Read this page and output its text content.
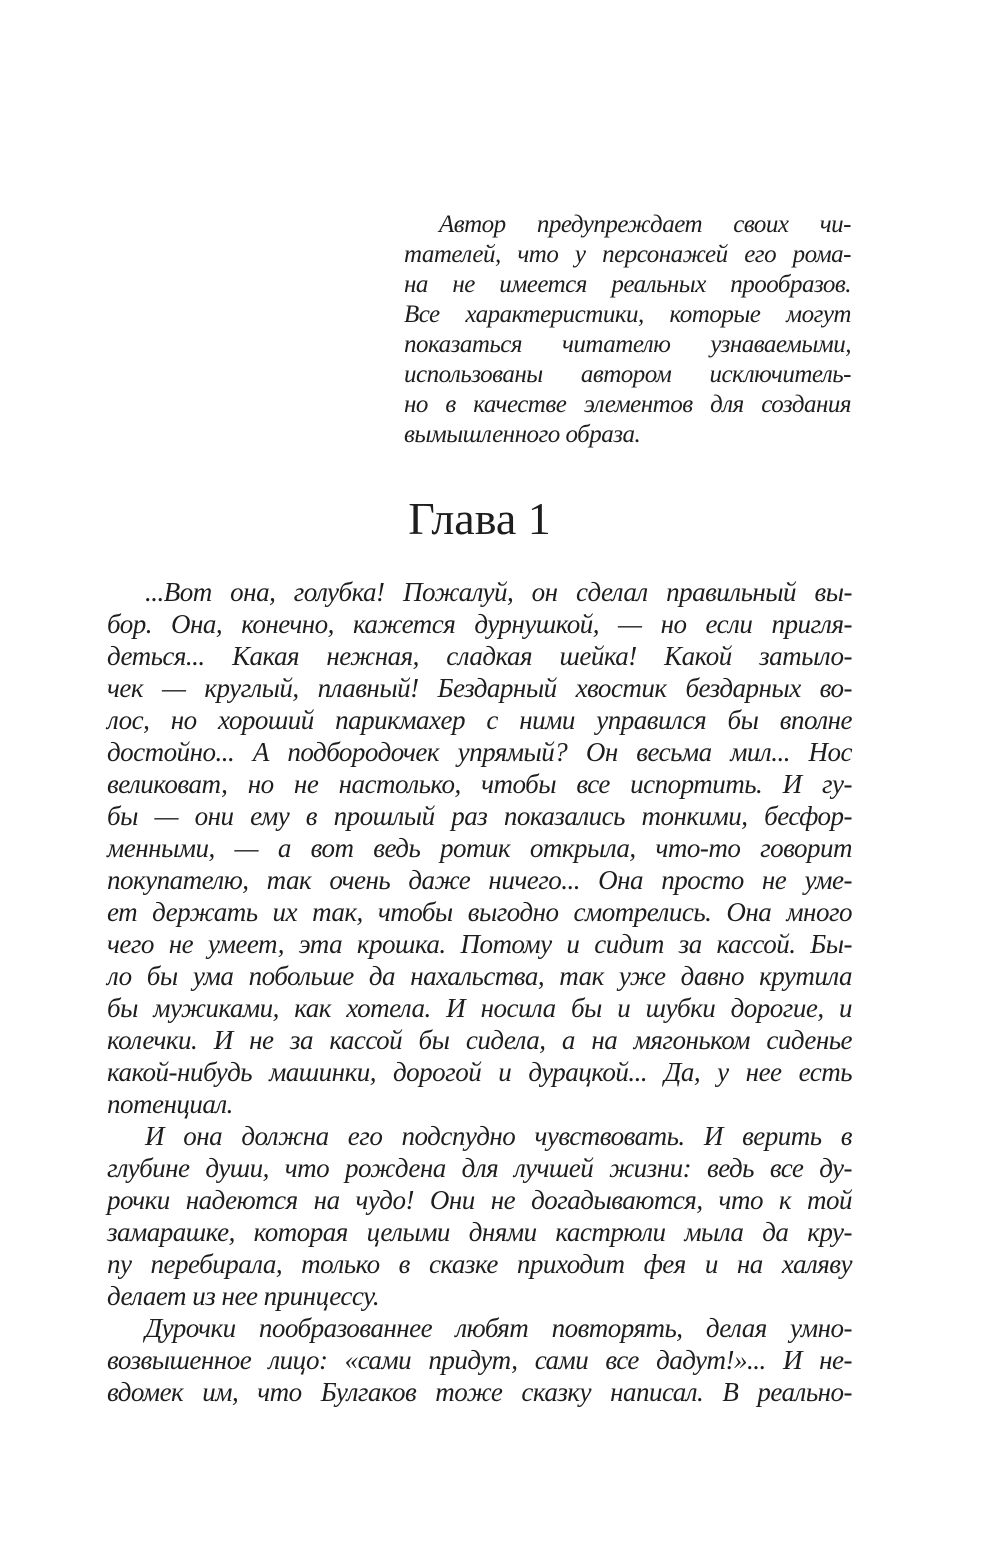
Автор предупреждает своих чи-
тателей, что у персонажей его рома-
на не имеется реальных прообразов.
Все характеристики, которые могут
показаться читателю узнаваемыми,
использованы автором исключитель-
но в качестве элементов для создания
вымышленного образа.
Глава 1
...Вот она, голубка! Пожалуй, он сделал правильный вы-
бор. Она, конечно, кажется дурнушкой, — но если пригля-
деться... Какая нежная, сладкая шейка! Какой затыло-
чек — круглый, плавный! Бездарный хвостик бездарных во-
лос, но хороший парикмахер с ними управился бы вполне
достойно... А подбородочек упрямый? Он весьма мил... Нос
великоват, но не настолько, чтобы все испортить. И гу-
бы — они ему в прошлый раз показались тонкими, бесфор-
менными, — а вот ведь ротик открыла, что-то говорит
покупателю, так очень даже ничего... Она просто не уме-
ет держать их так, чтобы выгодно смотрелись. Она много
чего не умеет, эта крошка. Потому и сидит за кассой. Бы-
ло бы ума побольше да нахальства, так уже давно крутила
бы мужиками, как хотела. И носила бы и шубки дорогие, и
колечки. И не за кассой бы сидела, а на мягоньком сиденье
какой-нибудь машинки, дорогой и дурацкой... Да, у нее есть
потенциал.
И она должна его подспудно чувствовать. И верить в
глубине души, что рождена для лучшей жизни: ведь все ду-
рочки надеются на чудо! Они не догадываются, что к той
замарашке, которая целыми днями кастрюли мыла да кру-
пу перебирала, только в сказке приходит фея и на халяву
делает из нее принцессу.
Дурочки пообразованнее любят повторять, делая умно-
возвышенное лицо: «сами придут, сами все дадут!»... И не-
вдомек им, что Булгаков тоже сказку написал. В реально-
